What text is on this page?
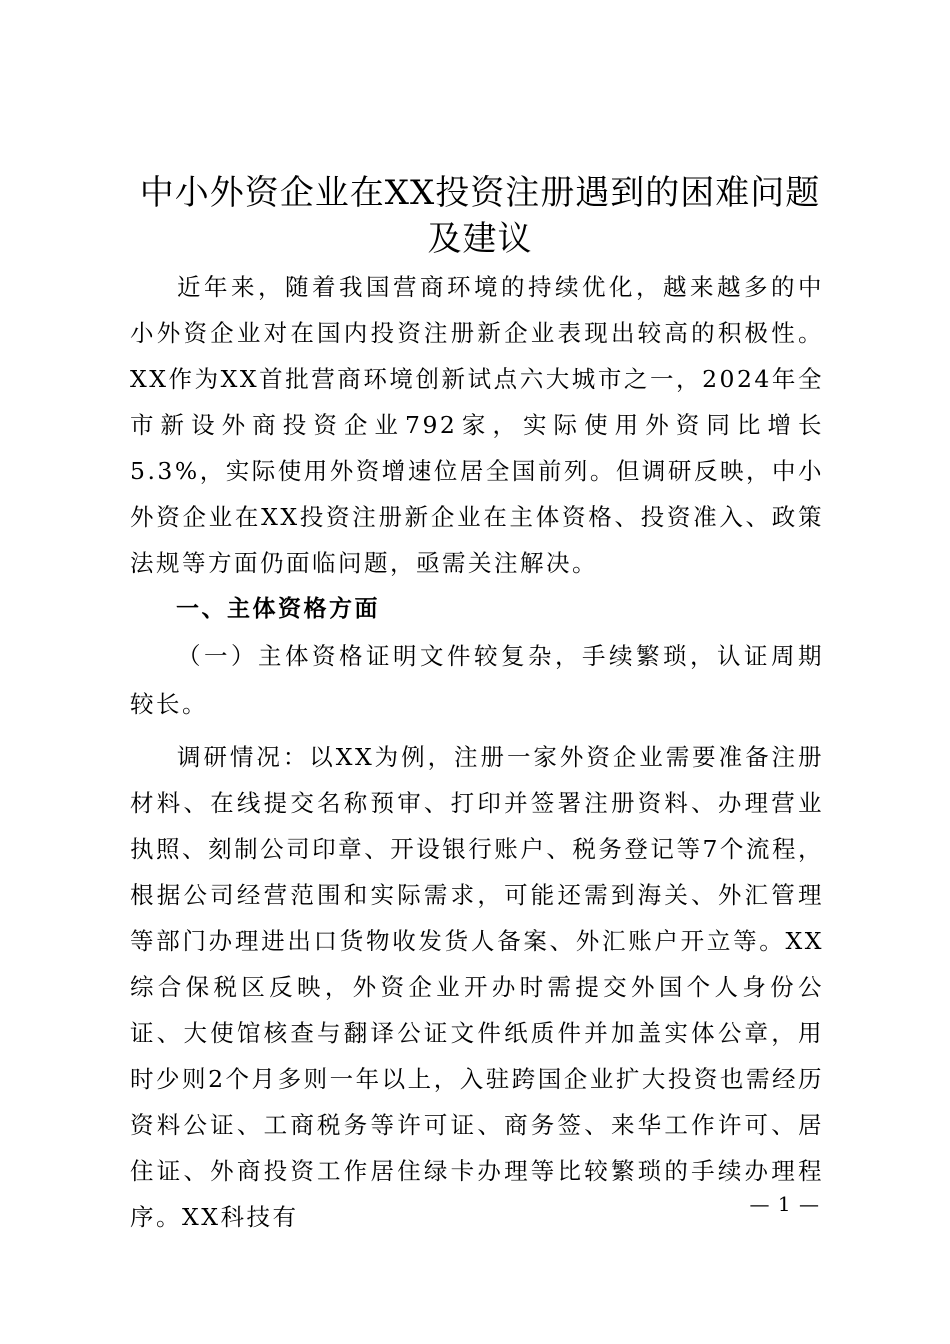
中小外资企业在XX投资注册遇到的困难问题
及建议

近年来，随着我国营商环境的持续优化，越来越多的中小外资企业对在国内投资注册新企业表现出较高的积极性。XX作为XX首批营商环境创新试点六大城市之一，2024年全市新设外商投资企业792家，实际使用外资同比增长5.3%，实际使用外资增速位居全国前列。但调研反映，中小外资企业在XX投资注册新企业在主体资格、投资准入、政策法规等方面仍面临问题，亟需关注解决。

一、主体资格方面

（一）主体资格证明文件较复杂，手续繁琐，认证周期较长。

调研情况：以XX为例，注册一家外资企业需要准备注册材料、在线提交名称预审、打印并签署注册资料、办理营业执照、刻制公司印章、开设银行账户、税务登记等7个流程，根据公司经营范围和实际需求，可能还需到海关、外汇管理等部门办理进出口货物收发货人备案、外汇账户开立等。XX综合保税区反映，外资企业开办时需提交外国个人身份公证、大使馆核查与翻译公证文件纸质件并加盖实体公章，用时少则2个月多则一年以上，入驻跨国企业扩大投资也需经历资料公证、工商税务等许可证、商务签、来华工作许可、居住证、外商投资工作居住绿卡办理等比较繁琐的手续办理程序。XX科技有	— 1 —
